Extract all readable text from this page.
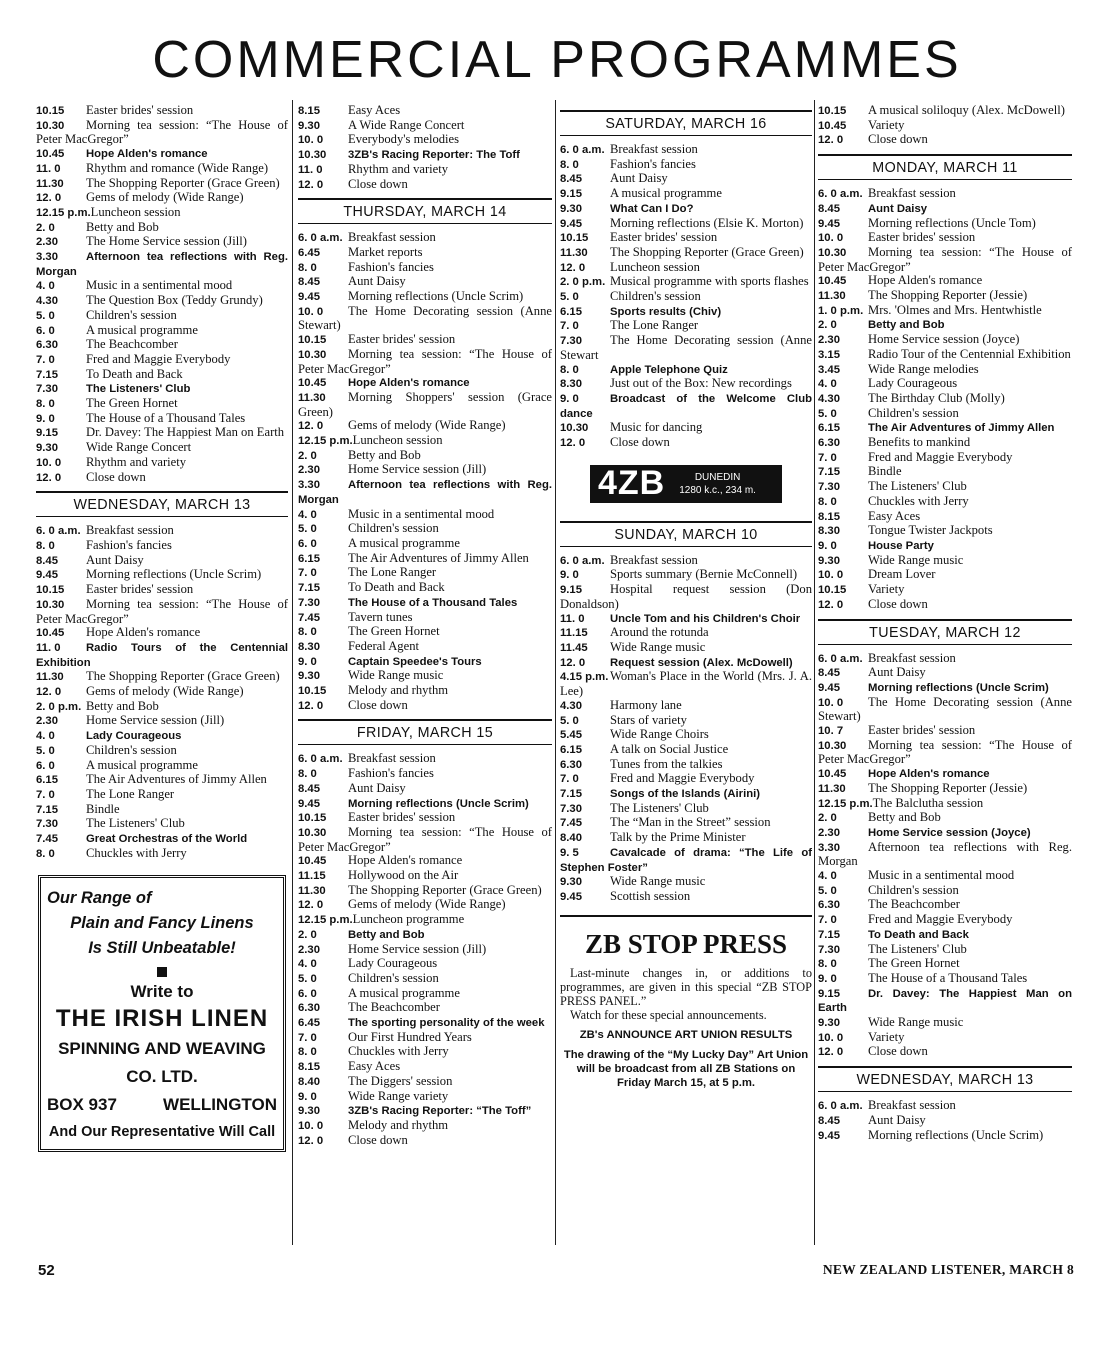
COMMERCIAL PROGRAMMES
10.15 Easter brides' session
10.30 Morning tea session: “The House of Peter MacGregor”
10.45 Hope Alden's romance
11. 0 Rhythm and romance (Wide Range)
11.30 The Shopping Reporter (Grace Green)
12. 0 Gems of melody (Wide Range)
12.15 p.m.Luncheon session
2. 0 Betty and Bob
2.30 The Home Service session (Jill)
3.30 Afternoon tea reflections with Reg. Morgan
4. 0 Music in a sentimental mood
4.30 The Question Box (Teddy Grundy)
5. 0 Children's session
6. 0 A musical programme
6.30 The Beachcomber
7. 0 Fred and Maggie Everybody
7.15 To Death and Back
7.30 The Listeners' Club
8. 0 The Green Hornet
9. 0 The House of a Thousand Tales
9.15 Dr. Davey: The Happiest Man on Earth
9.30 Wide Range Concert
10. 0 Rhythm and variety
12. 0 Close down
WEDNESDAY, MARCH 13
6. 0 a.m. Breakfast session
8. 0 Fashion's fancies
8.45 Aunt Daisy
9.45 Morning reflections (Uncle Scrim)
10.15 Easter brides' session
10.30 Morning tea session: “The House of Peter MacGregor”
10.45 Hope Alden's romance
11. 0 Radio Tours of the Centennial Exhibition
11.30 The Shopping Reporter (Grace Green)
12. 0 Gems of melody (Wide Range)
2. 0 p.m. Betty and Bob
2.30 Home Service session (Jill)
4. 0	Lady Courageous
5. 0 Children's session
6. 0 A musical programme
6.15 The Air Adventures of Jimmy Allen
7. 0 The Lone Ranger
7.15 Bindle
7.30 The Listeners' Club
7.45 Great Orchestras of the World
8. 0 Chuckles with Jerry
Our Range of
Plain and Fancy Linens
Is Still Unbeatable!
Write to
THE IRISH LINEN
SPINNING AND WEAVING
CO. LTD.
BOX 937	WELLINGTON
And Our Representative Will Call
8.15 Easy Aces
9.30 A Wide Range Concert
10. 0 Everybody's melodies
10.30 3ZB's Racing Reporter: The Toff
11. 0 Rhythm and variety
12. 0 Close down
THURSDAY, MARCH 14
6. 0 a.m. Breakfast session
6.45 Market reports
8. 0 Fashion's fancies
8.45 Aunt Daisy
9.45 Morning reflections (Uncle Scrim)
10. 0 The Home Decorating session (Anne Stewart)
10.15 Easter brides' session
10.30 Morning tea session: “The House of Peter MacGregor”
10.45 Hope Alden's romance
11.30 Morning Shoppers' session (Grace Green)
12. 0 Gems of melody (Wide Range)
12.15 p.m.Luncheon session
2. 0 Betty and Bob
2.30 Home Service session (Jill)
3.30 Afternoon tea reflections with Reg. Morgan
4. 0 Music in a sentimental mood
5. 0 Children's session
6. 0 A musical programme
6.15 The Air Adventures of Jimmy Allen
7. 0 The Lone Ranger
7.15 To Death and Back
7.30 The House of a Thousand Tales
7.45 Tavern tunes
8. 0 The Green Hornet
8.30 Federal Agent
9. 0	Captain Speedee's Tours
9.30 Wide Range music
10.15 Melody and rhythm
12. 0 Close down
FRIDAY, MARCH 15
6. 0 a.m. Breakfast session
8. 0 Fashion's fancies
8.45 Aunt Daisy
9.45 Morning reflections (Uncle Scrim)
10.15 Easter brides' session
10.30 Morning tea session: “The House of Peter MacGregor”
10.45 Hope Alden's romance
11.15 Hollywood on the Air
11.30 The Shopping Reporter (Grace Green)
12. 0 Gems of melody (Wide Range)
12.15 p.m.Luncheon programme
2. 0	Betty and Bob
2.30 Home Service session (Jill)
4. 0 Lady Courageous
5. 0 Children's session
6. 0 A musical programme
6.30 The Beachcomber
6.45 The sporting personality of the week
7. 0 Our First Hundred Years
8. 0 Chuckles with Jerry
8.15 Easy Aces
8.40 The Diggers' session
9. 0 Wide Range variety
9.30 3ZB's Racing Reporter: “The Toff”
10. 0 Melody and rhythm
12. 0 Close down
SATURDAY, MARCH 16
6. 0 a.m. Breakfast session
8. 0 Fashion's fancies
8.45 Aunt Daisy
9.15 A musical programme
9.30 What Can I Do?
9.45 Morning reflections (Elsie K. Morton)
10.15 Easter brides' session
11.30 The Shopping Reporter (Grace Green)
12. 0 Luncheon session
2. 0 p.m. Musical programme with sports flashes
5. 0 Children's session
6.15 Sports results (Chiv)
7. 0 The Lone Ranger
7.30 The Home Decorating session (Anne Stewart
8. 0	Apple Telephone Quiz
8.30 Just out of the Box: New recordings
9. 0	Broadcast of the Welcome Club dance
10.30 Music for dancing
12. 0 Close down
4ZB	DUNEDIN
1280 k.c., 234 m.
SUNDAY, MARCH 10
6. 0 a.m. Breakfast session
9. 0 Sports summary (Bernie McConnell)
9.15 Hospital request session (Don Donaldson)
11. 0 Uncle Tom and his Children's Choir
11.15 Around the rotunda
11.45 Wide Range music
12. 0 Request session (Alex. McDowell)
4.15 p.m. Woman's Place in the World (Mrs. J. A. Lee)
4.30 Harmony lane
5. 0 Stars of variety
5.45 Wide Range Choirs
6.15 A talk on Social Justice
6.30 Tunes from the talkies
7. 0 Fred and Maggie Everybody
7.15 Songs of the Islands (Airini)
7.30 The Listeners' Club
7.45 The “Man in the Street” session
8.40 Talk by the Prime Minister
9. 5	Cavalcade of drama: “The Life of Stephen Foster”
9.30 Wide Range music
9.45 Scottish session
ZB STOP PRESS
Last-minute changes in, or additions to programmes, are given in this special “ZB STOP PRESS PANEL.”
Watch for these special announcements.
ZB's ANNOUNCE ART UNION RESULTS
The drawing of the “My Lucky Day” Art Union will be broadcast from all ZB Stations on Friday March 15, at 5 p.m.
10.15 A musical soliloquy (Alex. McDowell)
10.45 Variety
12. 0 Close down
MONDAY, MARCH 11
6. 0 a.m. Breakfast session
8.45 Aunt Daisy
9.45 Morning reflections (Uncle Tom)
10. 0 Easter brides' session
10.30 Morning tea session: “The House of Peter MacGregor”
10.45 Hope Alden's romance
11.30 The Shopping Reporter (Jessie)
1. 0 p.m. Mrs. 'Olmes and Mrs. Hentwhistle
2. 0	Betty and Bob
2.30 Home Service session (Joyce)
3.15 Radio Tour of the Centennial Exhibition
3.45 Wide Range melodies
4. 0 Lady Courageous
4.30 The Birthday Club (Molly)
5. 0 Children's session
6.15 The Air Adventures of Jimmy Allen
6.30 Benefits to mankind
7. 0 Fred and Maggie Everybody
7.15 Bindle
7.30 The Listeners' Club
8. 0 Chuckles with Jerry
8.15 Easy Aces
8.30 Tongue Twister Jackpots
9. 0	House Party
9.30 Wide Range music
10. 0 Dream Lover
10.15 Variety
12. 0 Close down
TUESDAY, MARCH 12
6. 0 a.m. Breakfast session
8.45 Aunt Daisy
9.45 Morning reflections (Uncle Scrim)
10. 0 The Home Decorating session (Anne Stewart)
10. 7 Easter brides' session
10.30 Morning tea session: “The House of Peter MacGregor”
10.45 Hope Alden's romance
11.30 The Shopping Reporter (Jessie)
12.15 p.m.The Balclutha session
2. 0 Betty and Bob
2.30 Home Service session (Joyce)
3.30 Afternoon tea reflections with Reg. Morgan
4. 0 Music in a sentimental mood
5. 0 Children's session
6.30 The Beachcomber
7. 0 Fred and Maggie Everybody
7.15 To Death and Back
7.30 The Listeners' Club
8. 0 The Green Hornet
9. 0 The House of a Thousand Tales
9.15 Dr. Davey: The Happiest Man on Earth
9.30 Wide Range music
10. 0 Variety
12. 0 Close down
WEDNESDAY, MARCH 13
6. 0 a.m. Breakfast session
8.45 Aunt Daisy
9.45 Morning reflections (Uncle Scrim)
52	NEW ZEALAND LISTENER, MARCH 8
